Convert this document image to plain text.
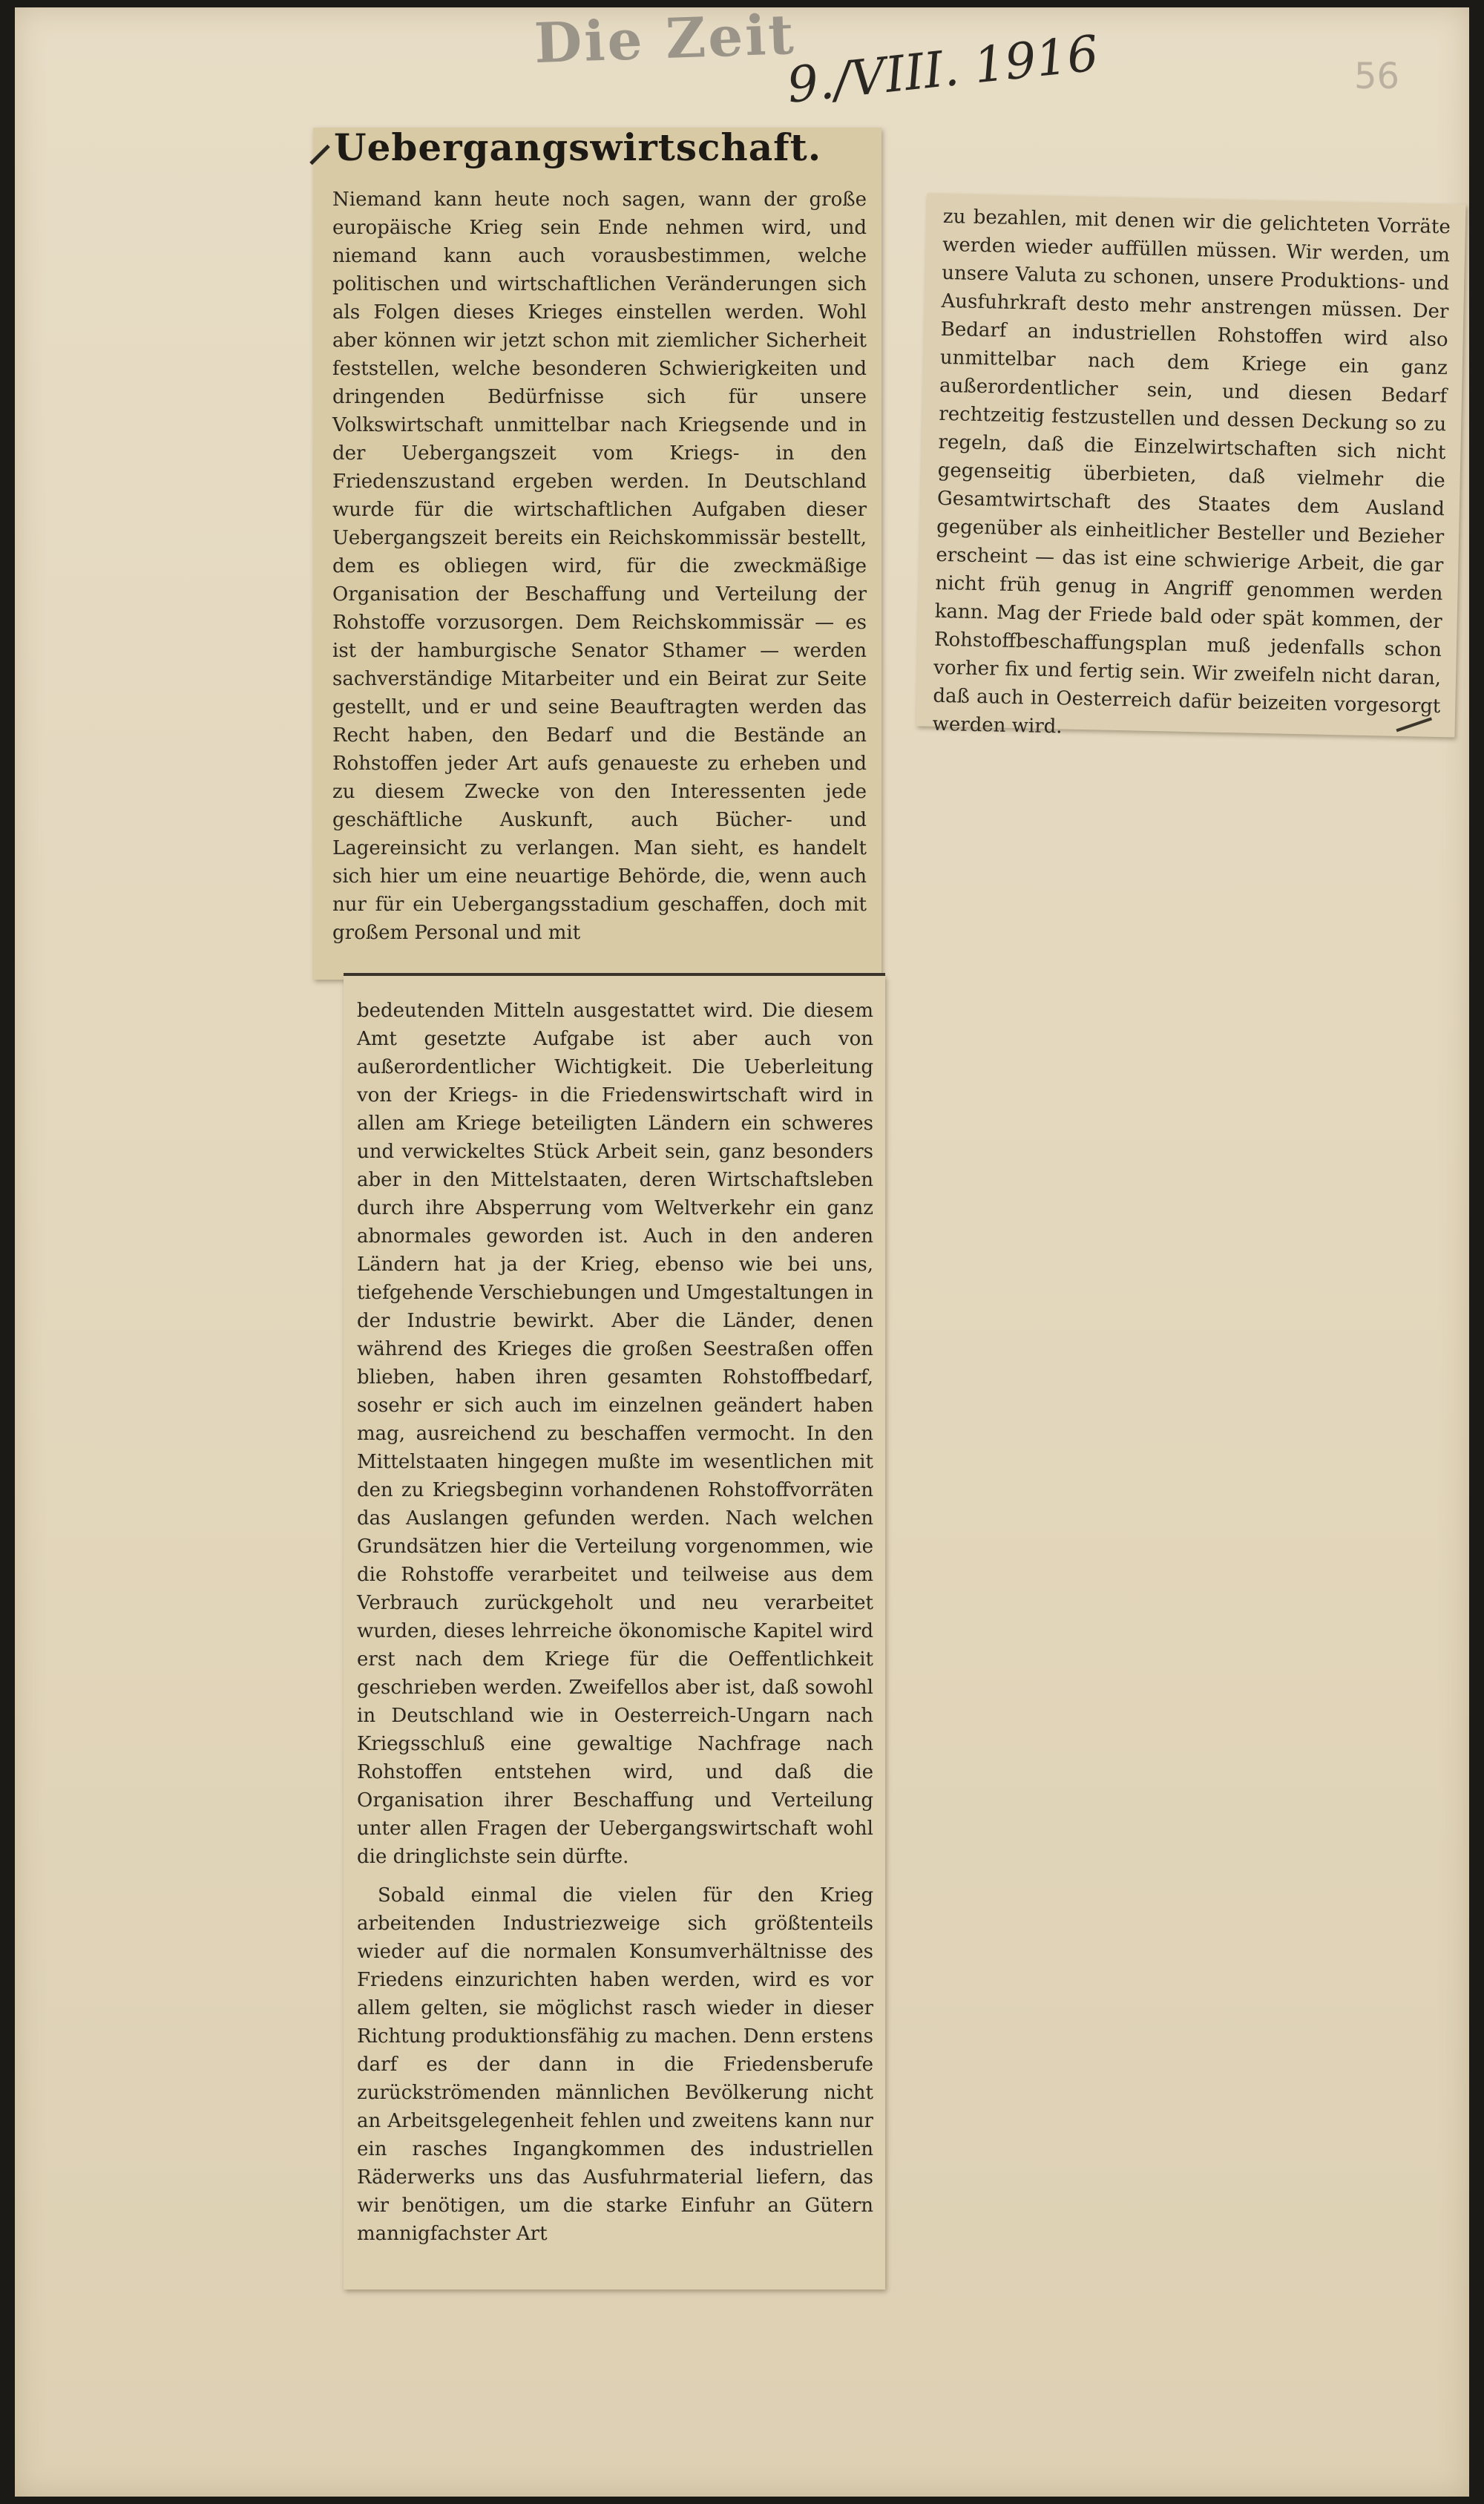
Die Zeit
9./VIII. 1916	56
Uebergangswirtschaft.

Niemand kann heute noch sagen, wann der große europäische Krieg sein Ende nehmen wird, und niemand kann auch vorausbestimmen, welche politischen und wirtschaftlichen Veränderungen sich als Folgen dieses Krieges einstellen werden. Wohl aber können wir jetzt schon mit ziemlicher Sicherheit feststellen, welche besonderen Schwierigkeiten und dringenden Bedürfnisse sich für unsere Volkswirtschaft unmittelbar nach Kriegsende und in der Uebergangszeit vom Kriegs- in den Friedenszustand ergeben werden. In Deutschland wurde für die wirtschaftlichen Aufgaben dieser Uebergangszeit bereits ein Reichskommissär bestellt, dem es obliegen wird, für die zweckmäßige Organisation der Beschaffung und Verteilung der Rohstoffe vorzusorgen. Dem Reichskommissär — es ist der hamburgische Senator Sthamer — werden sachverständige Mitarbeiter und ein Beirat zur Seite gestellt, und er und seine Beauftragten werden das Recht haben, den Bedarf und die Bestände an Rohstoffen jeder Art aufs genaueste zu erheben und zu diesem Zwecke von den Interessenten jede geschäftliche Auskunft, auch Bücher- und Lagereinsicht zu verlangen. Man sieht, es handelt sich hier um eine neuartige Behörde, die, wenn auch nur für ein Uebergangsstadium geschaffen, doch mit großem Personal und mit

bedeutenden Mitteln ausgestattet wird. Die diesem Amt gesetzte Aufgabe ist aber auch von außerordentlicher Wichtigkeit. Die Ueberleitung von der Kriegs- in die Friedenswirtschaft wird in allen am Kriege beteiligten Ländern ein schweres und verwickeltes Stück Arbeit sein, ganz besonders aber in den Mittelstaaten, deren Wirtschaftsleben durch ihre Absperrung vom Weltverkehr ein ganz abnormales geworden ist. Auch in den anderen Ländern hat ja der Krieg, ebenso wie bei uns, tiefgehende Verschiebungen und Umgestaltungen in der Industrie bewirkt. Aber die Länder, denen während des Krieges die großen Seestraßen offen blieben, haben ihren gesamten Rohstoffbedarf, sosehr er sich auch im einzelnen geändert haben mag, ausreichend zu beschaffen vermocht. In den Mittelstaaten hingegen mußte im wesentlichen mit den zu Kriegsbeginn vorhandenen Rohstoffvorräten das Auslangen gefunden werden. Nach welchen Grundsätzen hier die Verteilung vorgenommen, wie die Rohstoffe verarbeitet und teilweise aus dem Verbrauch zurückgeholt und neu verarbeitet wurden, dieses lehrreiche ökonomische Kapitel wird erst nach dem Kriege für die Oeffentlichkeit geschrieben werden. Zweifellos aber ist, daß sowohl in Deutschland wie in Oesterreich-Ungarn nach Kriegsschluß eine gewaltige Nachfrage nach Rohstoffen entstehen wird, und daß die Organisation ihrer Beschaffung und Verteilung unter allen Fragen der Uebergangswirtschaft wohl die dringlichste sein dürfte.

Sobald einmal die vielen für den Krieg arbeitenden Industriezweige sich größtenteils wieder auf die normalen Konsumverhältnisse des Friedens einzurichten haben werden, wird es vor allem gelten, sie möglichst rasch wieder in dieser Richtung produktionsfähig zu machen. Denn erstens darf es der dann in die Friedensberufe zurückströmenden männlichen Bevölkerung nicht an Arbeitsgelegenheit fehlen und zweitens kann nur ein rasches Ingangkommen des industriellen Räderwerks uns das Ausfuhrmaterial liefern, das wir benötigen, um die starke Einfuhr an Gütern mannigfachster Art

zu bezahlen, mit denen wir die gelichteten Vorräte werden wieder auffüllen müssen. Wir werden, um unsere Valuta zu schonen, unsere Produktions- und Ausfuhrkraft desto mehr anstrengen müssen. Der Bedarf an industriellen Rohstoffen wird also unmittelbar nach dem Kriege ein ganz außerordentlicher sein, und diesen Bedarf rechtzeitig festzustellen und dessen Deckung so zu regeln, daß die Einzelwirtschaften sich nicht gegenseitig überbieten, daß vielmehr die Gesamtwirtschaft des Staates dem Ausland gegenüber als einheitlicher Besteller und Bezieher erscheint — das ist eine schwierige Arbeit, die gar nicht früh genug in Angriff genommen werden kann. Mag der Friede bald oder spät kommen, der Rohstoffbeschaffungsplan muß jedenfalls schon vorher fix und fertig sein. Wir zweifeln nicht daran, daß auch in Oesterreich dafür beizeiten vorgesorgt werden wird.
